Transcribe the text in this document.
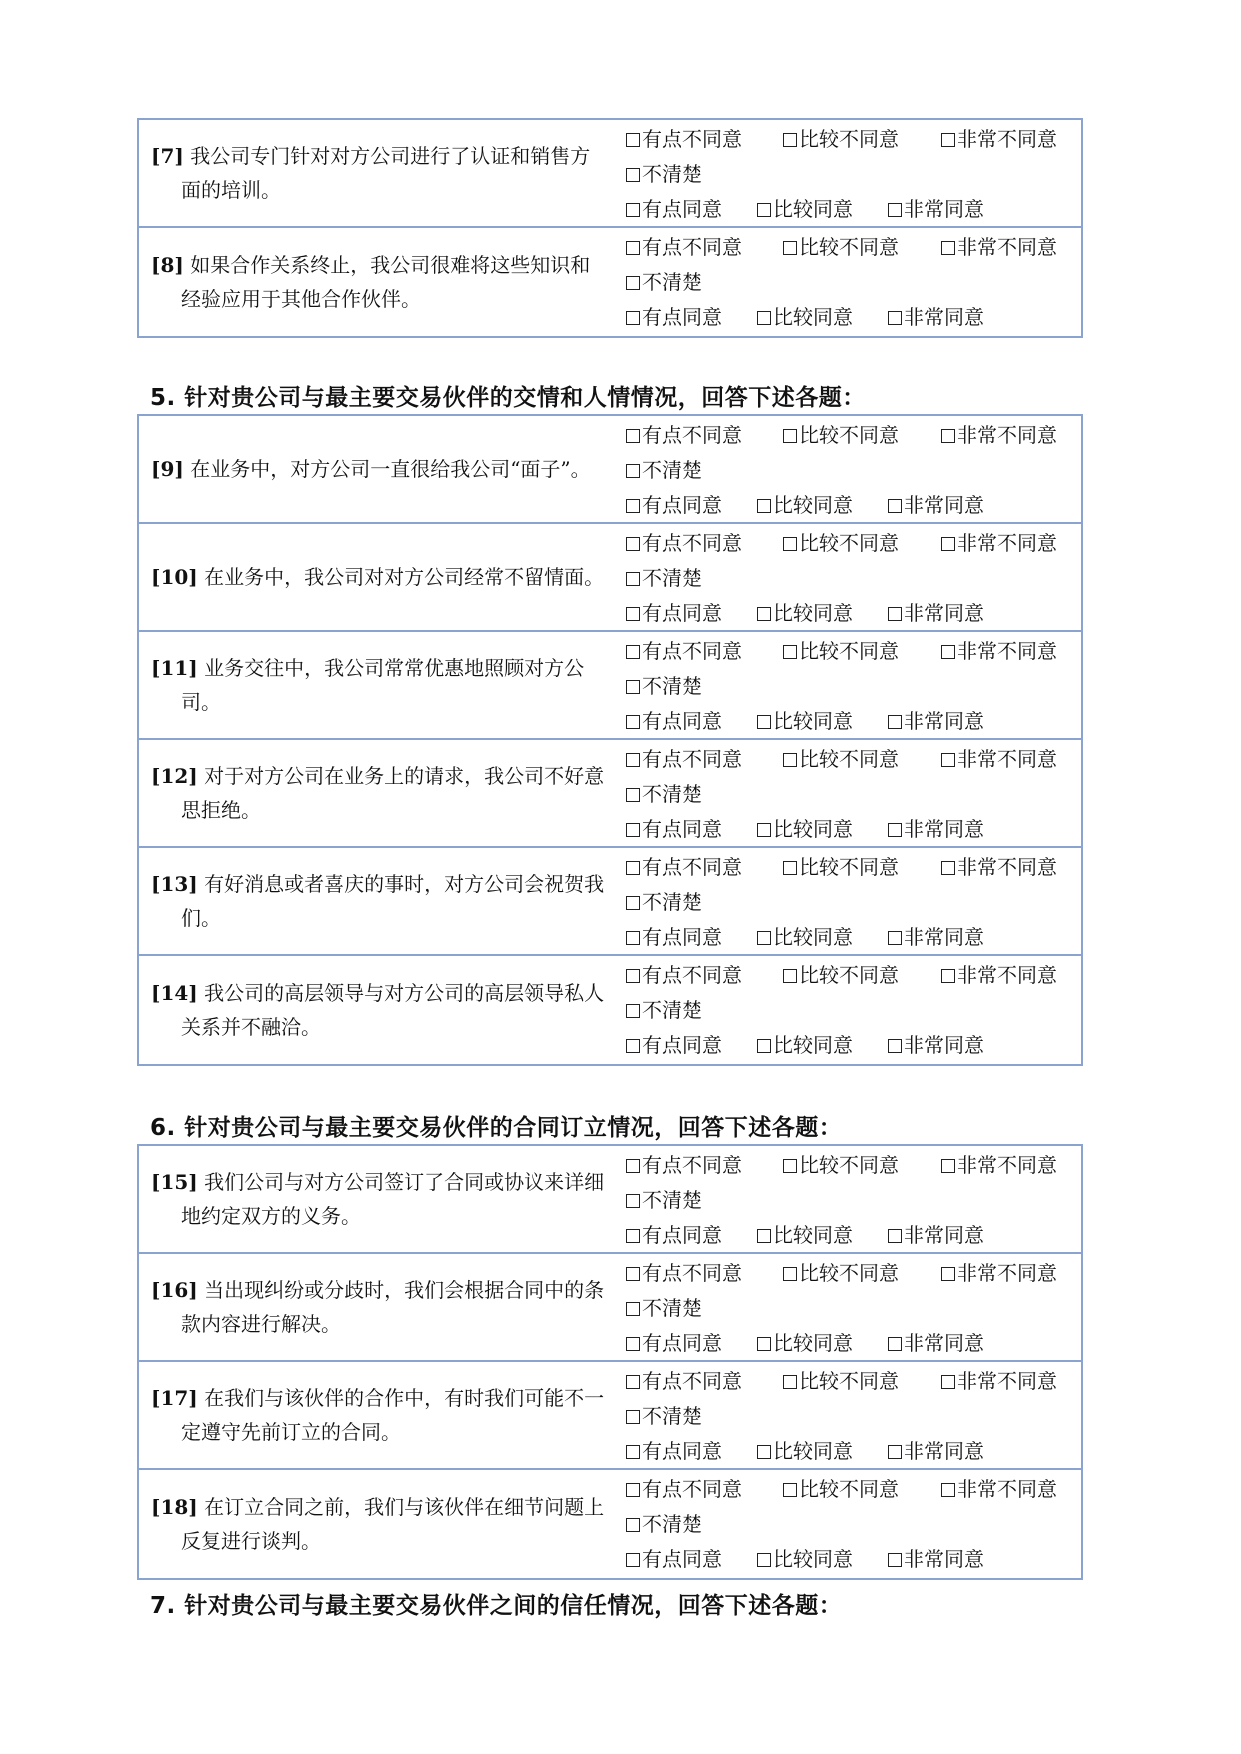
[7] 我公司专门针对对方公司进行了认证和销售方面的培训。
有点不同意	比较不同意	非常不同意
不清楚
有点同意	比较同意	非常同意
[8] 如果合作关系终止，我公司很难将这些知识和经验应用于其他合作伙伴。
有点不同意	比较不同意	非常不同意
不清楚
有点同意	比较同意	非常同意
5. 针对贵公司与最主要交易伙伴的交情和人情情况，回答下述各题：
[9] 在业务中，对方公司一直很给我公司“面子”。
有点不同意	比较不同意	非常不同意
不清楚
有点同意	比较同意	非常同意
[10] 在业务中，我公司对对方公司经常不留情面。
有点不同意	比较不同意	非常不同意
不清楚
有点同意	比较同意	非常同意
[11] 业务交往中，我公司常常优惠地照顾对方公司。
有点不同意	比较不同意	非常不同意
不清楚
有点同意	比较同意	非常同意
[12] 对于对方公司在业务上的请求，我公司不好意思拒绝。
有点不同意	比较不同意	非常不同意
不清楚
有点同意	比较同意	非常同意
[13] 有好消息或者喜庆的事时，对方公司会祝贺我们。
有点不同意	比较不同意	非常不同意
不清楚
有点同意	比较同意	非常同意
[14] 我公司的高层领导与对方公司的高层领导私人关系并不融洽。
有点不同意	比较不同意	非常不同意
不清楚
有点同意	比较同意	非常同意
6. 针对贵公司与最主要交易伙伴的合同订立情况，回答下述各题：
[15] 我们公司与对方公司签订了合同或协议来详细地约定双方的义务。
有点不同意	比较不同意	非常不同意
不清楚
有点同意	比较同意	非常同意
[16] 当出现纠纷或分歧时，我们会根据合同中的条款内容进行解决。
有点不同意	比较不同意	非常不同意
不清楚
有点同意	比较同意	非常同意
[17] 在我们与该伙伴的合作中，有时我们可能不一定遵守先前订立的合同。
有点不同意	比较不同意	非常不同意
不清楚
有点同意	比较同意	非常同意
[18] 在订立合同之前，我们与该伙伴在细节问题上反复进行谈判。
有点不同意	比较不同意	非常不同意
不清楚
有点同意	比较同意	非常同意
7. 针对贵公司与最主要交易伙伴之间的信任情况，回答下述各题：
